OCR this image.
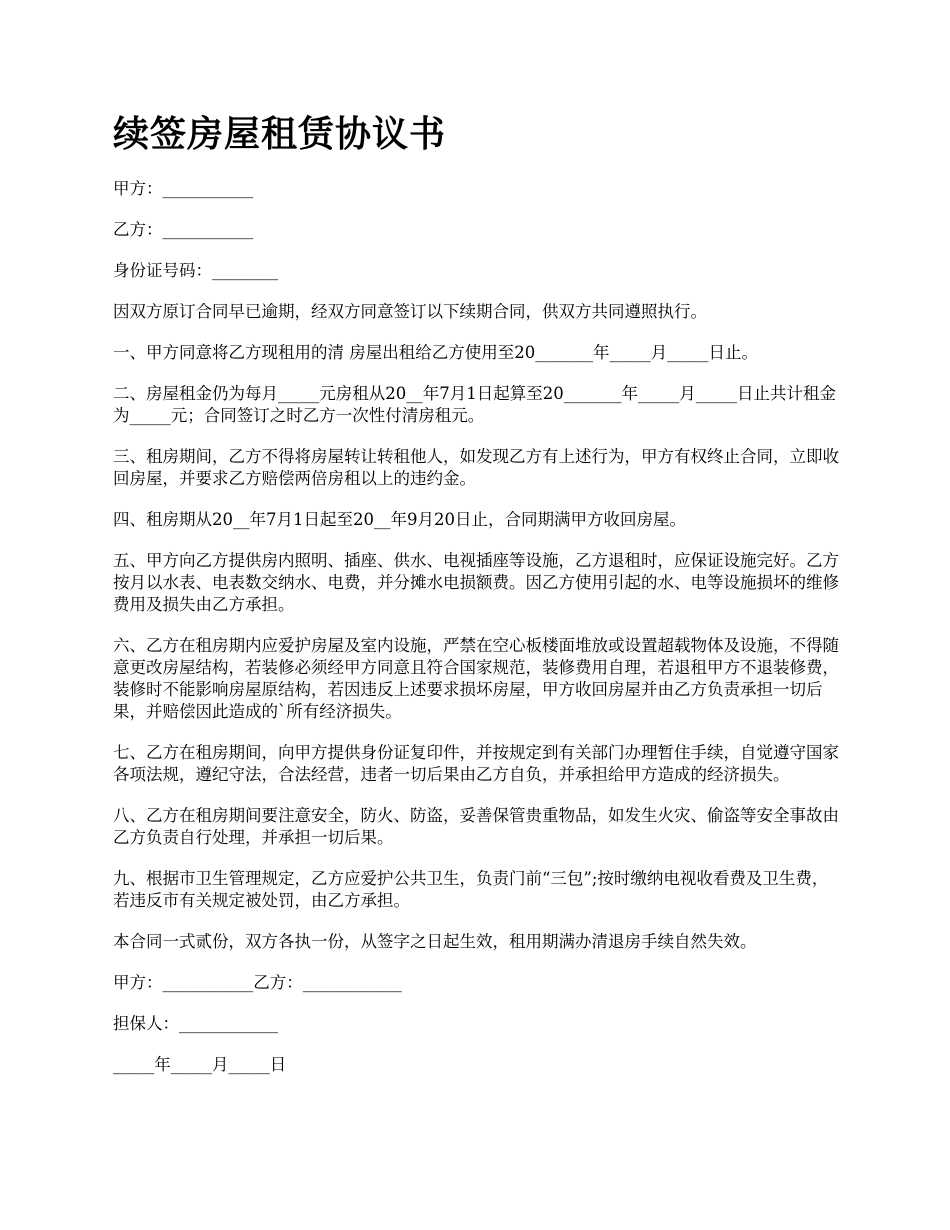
续签房屋租赁协议书

甲方：___________

乙方：___________

身份证号码：________

因双方原订合同早已逾期，经双方同意签订以下续期合同，供双方共同遵照执行。

一、甲方同意将乙方现租用的清 房屋出租给乙方使用至20_______年_____月_____日止。

二、房屋租金仍为每月_____元房租从20__年7月1日起算至20_______年_____月_____日止共计租金为_____元；合同签订之时乙方一次性付清房租元。

三、租房期间，乙方不得将房屋转让转租他人，如发现乙方有上述行为，甲方有权终止合同，立即收回房屋，并要求乙方赔偿两倍房租以上的违约金。

四、租房期从20__年7月1日起至20__年9月20日止，合同期满甲方收回房屋。

五、甲方向乙方提供房内照明、插座、供水、电视插座等设施，乙方退租时，应保证设施完好。乙方按月以水表、电表数交纳水、电费，并分摊水电损额费。因乙方使用引起的水、电等设施损坏的维修费用及损失由乙方承担。

六、乙方在租房期内应爱护房屋及室内设施，严禁在空心板楼面堆放或设置超载物体及设施，不得随意更改房屋结构，若装修必须经甲方同意且符合国家规范，装修费用自理，若退租甲方不退装修费，装修时不能影响房屋原结构，若因违反上述要求损坏房屋，甲方收回房屋并由乙方负责承担一切后果，并赔偿因此造成的`所有经济损失。

七、乙方在租房期间，向甲方提供身份证复印件，并按规定到有关部门办理暂住手续，自觉遵守国家各项法规，遵纪守法，合法经营，违者一切后果由乙方自负，并承担给甲方造成的经济损失。

八、乙方在租房期间要注意安全，防火、防盗，妥善保管贵重物品，如发生火灾、偷盗等安全事故由乙方负责自行处理，并承担一切后果。

九、根据市卫生管理规定，乙方应爱护公共卫生，负责门前“三包”;按时缴纳电视收看费及卫生费，若违反市有关规定被处罚，由乙方承担。

本合同一式贰份，双方各执一份，从签字之日起生效，租用期满办清退房手续自然失效。

甲方：___________乙方：____________

担保人：____________

_____年_____月_____日
